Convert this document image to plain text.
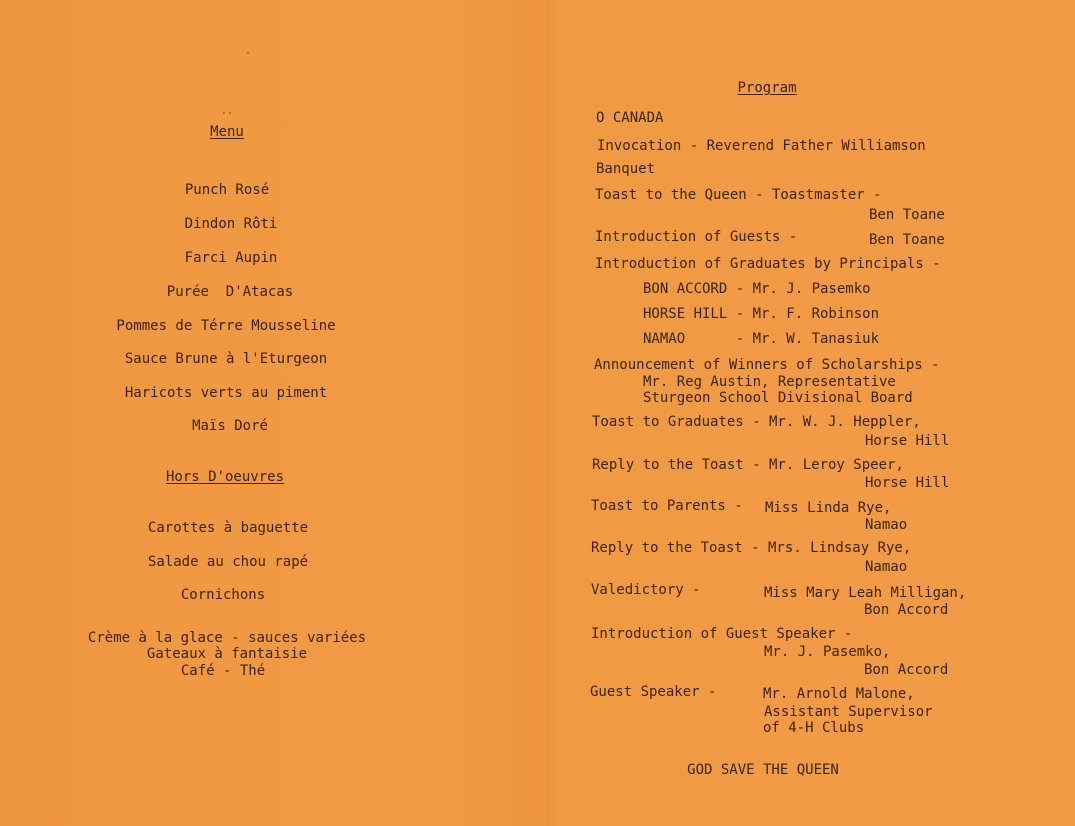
Menu
Punch Rosé
Dindon Rôti
Farci Aupin
Purée  D'Atacas
Pommes de Térre Mousseline
Sauce Brune à l'Eturgeon
Haricots verts au piment
Maïs Doré
Hors D'oeuvres
Carottes à baguette
Salade au chou rapé
Cornichons
Crème à la glace - sauces variées
Gateaux à fantaisie
Café - Thé
Program
O CANADA
Invocation - Reverend Father Williamson
Banquet
Toast to the Queen - Toastmaster -
Ben Toane
Introduction of Guests -	Ben Toane
Introduction of Graduates by Principals -
BON ACCORD - Mr. J. Pasemko
HORSE HILL - Mr. F. Robinson
NAMAO      - Mr. W. Tanasiuk
Announcement of Winners of Scholarships -
Mr. Reg Austin, Representative
Sturgeon School Divisional Board
Toast to Graduates - Mr. W. J. Heppler,
Horse Hill
Reply to the Toast - Mr. Leroy Speer,
Horse Hill
Toast to Parents - Miss Linda Rye,
Namao
Reply to the Toast - Mrs. Lindsay Rye,
Namao
Valedictory -	Miss Mary Leah Milligan,
Bon Accord
Introduction of Guest Speaker -
Mr. J. Pasemko,
Bon Accord
Guest Speaker -	Mr. Arnold Malone,
Assistant Supervisor
of 4-H Clubs
GOD SAVE THE QUEEN
